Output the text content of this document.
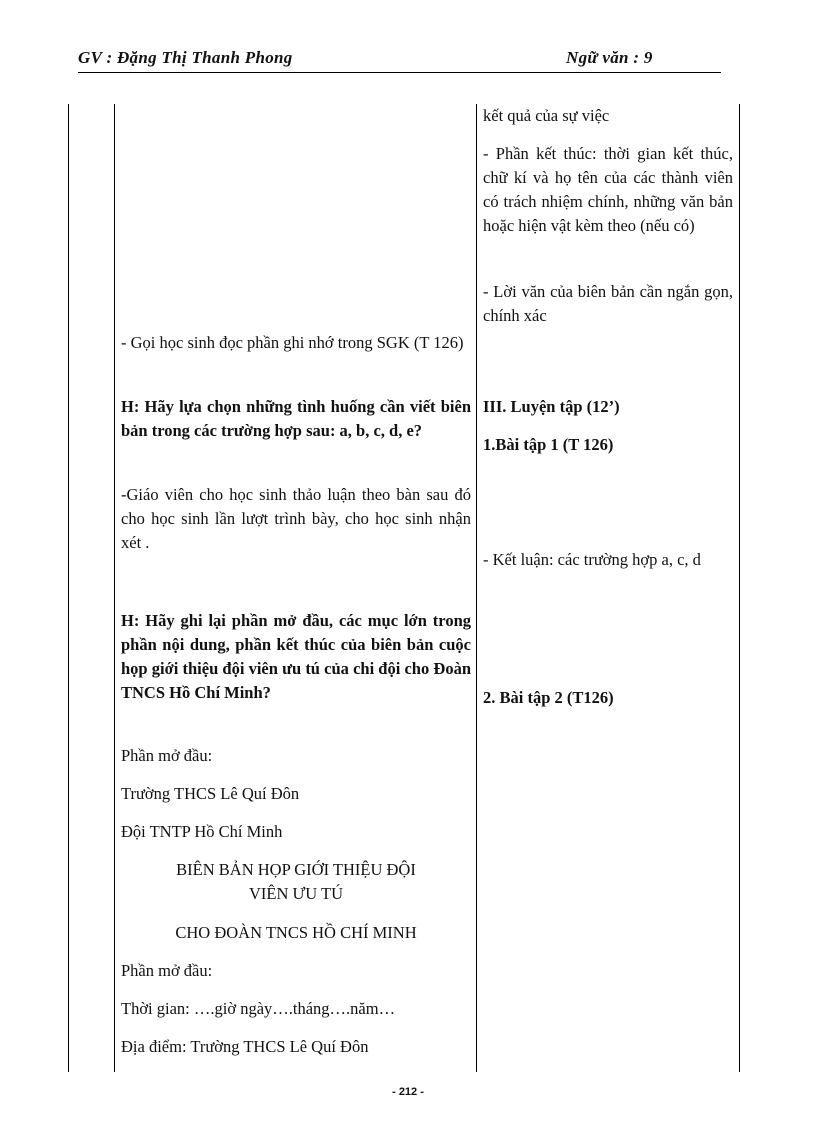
GV : Đặng Thị Thanh Phong	Ngữ văn : 9

- Gọi học sinh đọc phần ghi nhớ trong SGK (T 126)

H: Hãy lựa chọn những tình huống cần viết biên bản trong các trường hợp sau: a, b, c, d, e?

-Giáo viên cho học sinh thảo luận theo bàn sau đó cho học sinh lần lượt trình bày, cho học sinh nhận xét .

H: Hãy ghi lại phần mở đầu, các mục lớn trong phần nội dung, phần kết thúc của biên bản cuộc họp giới thiệu đội viên ưu tú của chi đội cho Đoàn TNCS Hồ Chí Minh?

Phần mở đầu:

Trường THCS Lê Quí Đôn

Đội TNTP Hồ Chí Minh

BIÊN BẢN HỌP GIỚI THIỆU ĐỘI VIÊN ƯU TÚ

CHO ĐOÀN TNCS HỒ CHÍ MINH

Phần mở đầu:

Thời gian: ….giờ ngày….tháng….năm…

Địa điểm: Trường THCS Lê Quí Đôn

kết quả của sự việc

- Phần kết thúc: thời gian kết thúc, chữ kí và họ tên của các thành viên có trách nhiệm chính, những văn bản hoặc hiện vật kèm theo (nếu có)

- Lời văn của biên bản cần ngắn gọn, chính xác

III. Luyện tập (12’)

1.Bài tập 1 (T 126)

- Kết luận: các trường hợp a, c, d

2. Bài tập 2 (T126)

- 212 -
